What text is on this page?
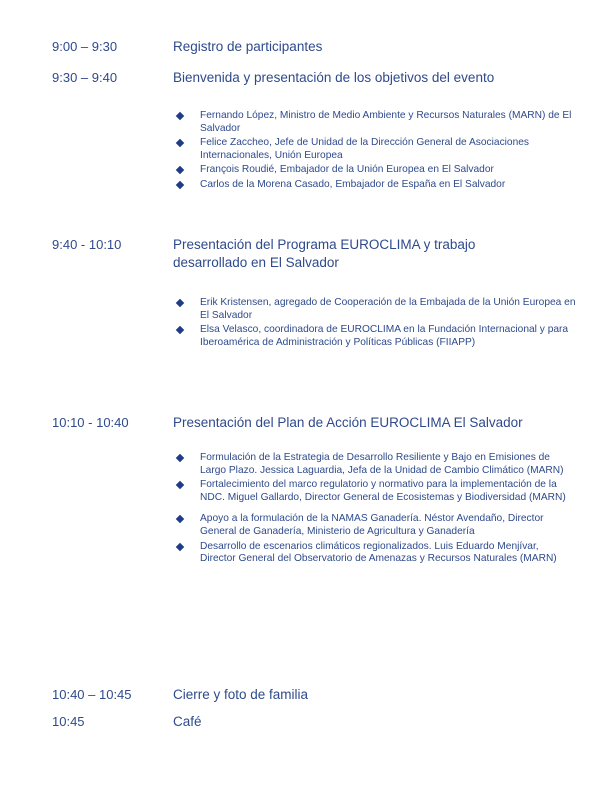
9:00 – 9:30	Registro de participantes
9:30 – 9:40	Bienvenida y presentación de los objetivos del evento
Fernando López, Ministro de Medio Ambiente y Recursos Naturales (MARN) de El Salvador
Felice Zaccheo, Jefe de Unidad de la Dirección General de Asociaciones Internacionales, Unión Europea
François Roudié, Embajador de la Unión Europea en El Salvador
Carlos de la Morena Casado, Embajador de España en El Salvador
9:40 - 10:10	Presentación del Programa EUROCLIMA y trabajo desarrollado en El Salvador
Erik Kristensen, agregado de Cooperación de la Embajada de la Unión Europea en El Salvador
Elsa Velasco, coordinadora de EUROCLIMA en la Fundación Internacional y para Iberoamérica de Administración y Políticas Públicas (FIIAPP)
10:10 - 10:40	Presentación del Plan de Acción EUROCLIMA El Salvador
Formulación de la Estrategia de Desarrollo Resiliente y Bajo en Emisiones de Largo Plazo. Jessica Laguardia, Jefa de la Unidad de Cambio Climático (MARN)
Fortalecimiento del marco regulatorio y normativo para la implementación de la NDC. Miguel Gallardo, Director General de Ecosistemas y Biodiversidad (MARN)
Apoyo a la formulación de la NAMAS Ganadería. Néstor Avendaño, Director General de Ganadería, Ministerio de Agricultura y Ganadería
Desarrollo de escenarios climáticos regionalizados. Luis Eduardo Menjívar, Director General del Observatorio de Amenazas y Recursos Naturales (MARN)
10:40 – 10:45	Cierre y foto de familia
10:45	Café
